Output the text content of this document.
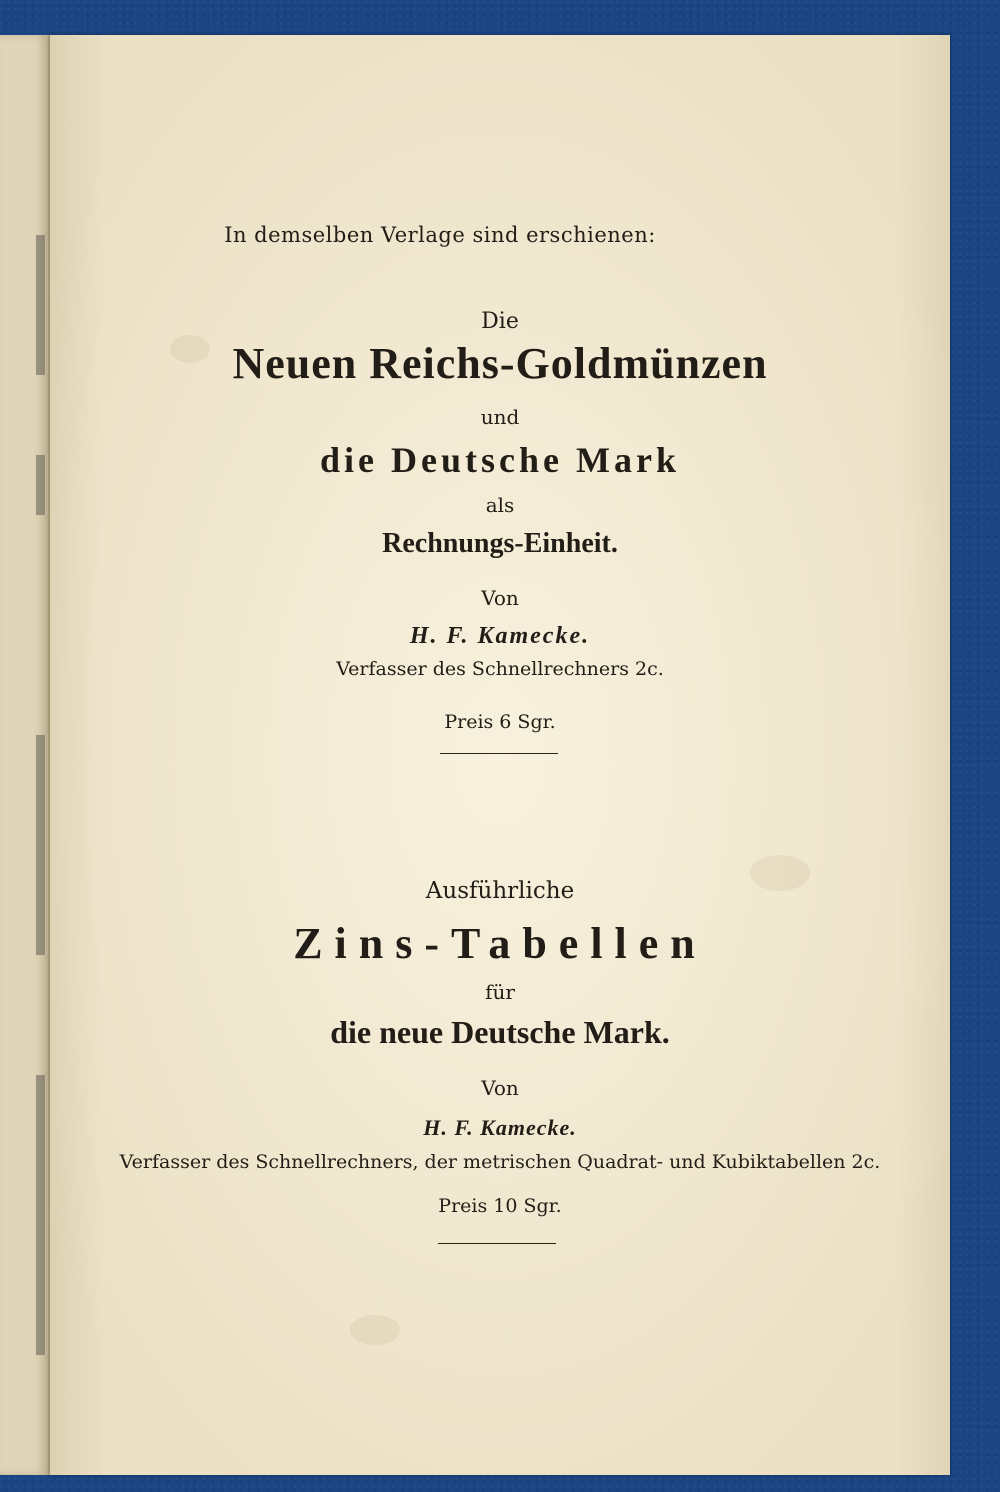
In demselben Verlage sind erschienen:
Die
Neuen Reichs-Goldmünzen
und
die Deutsche Mark
als
Rechnungs-Einheit.
Von
H. F. Kamecke.
Verfasser des Schnellrechners 2c.
Preis 6 Sgr.
Ausführliche
Zins-Tabellen
für
die neue Deutsche Mark.
Von
H. F. Kamecke.
Verfasser des Schnellrechners, der metrischen Quadrat- und Kubiktabellen 2c.
Preis 10 Sgr.
